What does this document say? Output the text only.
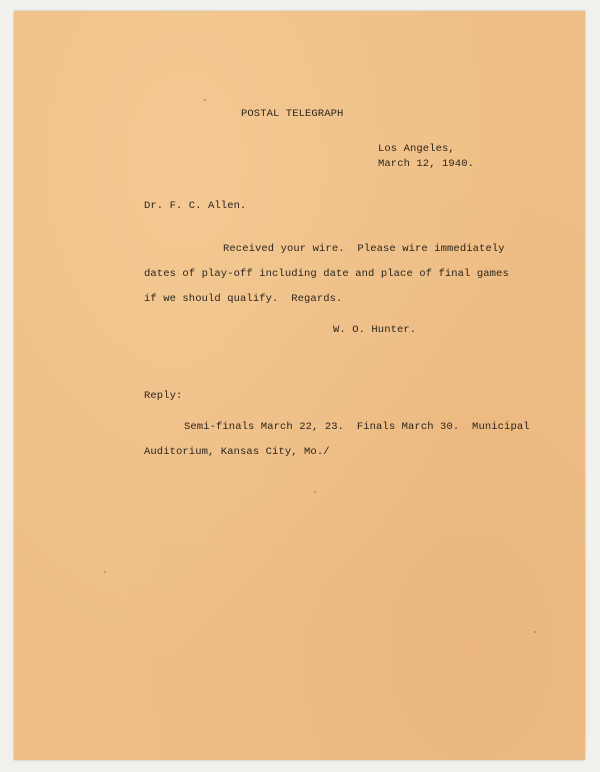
POSTAL TELEGRAPH

Los Angeles,

March 12, 1940.

Dr. F. C. Allen.

Received your wire.  Please wire immediately

dates of play-off including date and place of final games

if we should qualify.  Regards.

W. O. Hunter.

Reply:

Semi-finals March 22, 23.  Finals March 30.  Municipal

Auditorium, Kansas City, Mo./
